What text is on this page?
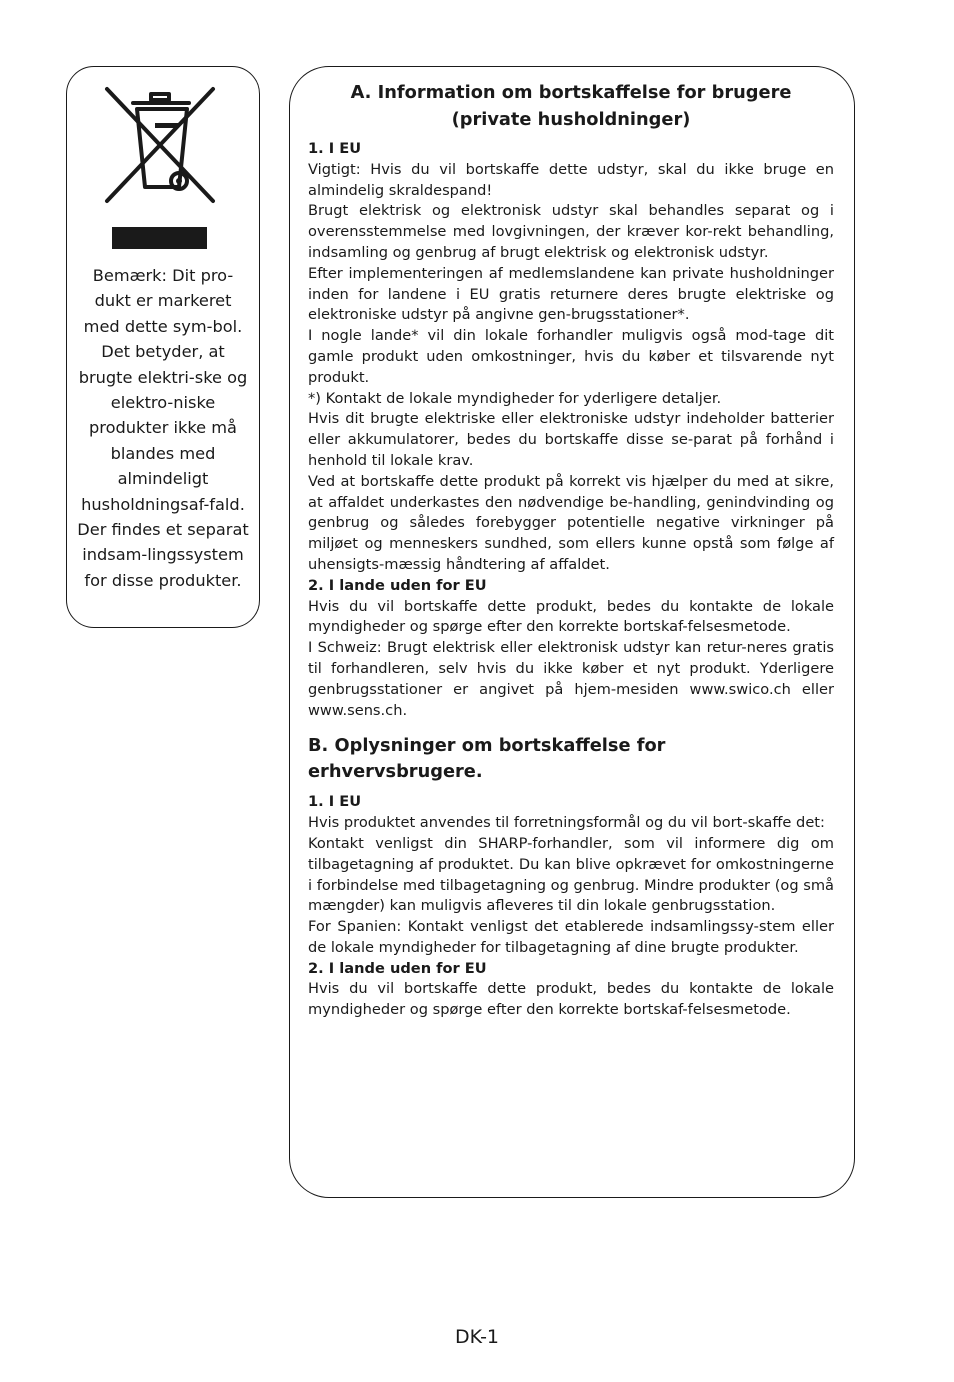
Bemærk: Dit pro-dukt er markeret med dette sym-bol. Det betyder, at brugte elektri-ske og elektro-niske produkter ikke må blandes med almindeligt husholdningsaf-fald. Der findes et separat indsam-lingssystem for disse produkter.

A. Information om bortskaffelse for brugere (private husholdninger)

1. I EU

Vigtigt: Hvis du vil bortskaffe dette udstyr, skal du ikke bruge en almindelig skraldespand!

Brugt elektrisk og elektronisk udstyr skal behandles separat og i overensstemmelse med lovgivningen, der kræver kor-rekt behandling, indsamling og genbrug af brugt elektrisk og elektronisk udstyr.

Efter implementeringen af medlemslandene kan private husholdninger inden for landene i EU gratis returnere deres brugte elektriske og elektroniske udstyr på angivne gen-brugsstationer*.

I nogle lande* vil din lokale forhandler muligvis også mod-tage dit gamle produkt uden omkostninger, hvis du køber et tilsvarende nyt produkt.

*) Kontakt de lokale myndigheder for yderligere detaljer.

Hvis dit brugte elektriske eller elektroniske udstyr indeholder batterier eller akkumulatorer, bedes du bortskaffe disse se-parat på forhånd i henhold til lokale krav.

Ved at bortskaffe dette produkt på korrekt vis hjælper du med at sikre, at affaldet underkastes den nødvendige be-handling, genindvinding og genbrug og således forebygger potentielle negative virkninger på miljøet og menneskers sundhed, som ellers kunne opstå som følge af uhensigts-mæssig håndtering af affaldet.

2. I lande uden for EU

Hvis du vil bortskaffe dette produkt, bedes du kontakte de lokale myndigheder og spørge efter den korrekte bortskaf-felsesmetode.

I Schweiz: Brugt elektrisk eller elektronisk udstyr kan retur-neres gratis til forhandleren, selv hvis du ikke køber et nyt produkt. Yderligere genbrugsstationer er angivet på hjem-mesiden www.swico.ch eller www.sens.ch.

B. Oplysninger om bortskaffelse for erhvervsbrugere.

1. I EU

Hvis produktet anvendes til forretningsformål og du vil bort-skaffe det:

Kontakt venligst din SHARP-forhandler, som vil informere dig om tilbagetagning af produktet. Du kan blive opkrævet for omkostningerne i forbindelse med tilbagetagning og genbrug. Mindre produkter (og små mængder) kan muligvis afleveres til din lokale genbrugsstation.

For Spanien: Kontakt venligst det etablerede indsamlingssy-stem eller de lokale myndigheder for tilbagetagning af dine brugte produkter.

2. I lande uden for EU

Hvis du vil bortskaffe dette produkt, bedes du kontakte de lokale myndigheder og spørge efter den korrekte bortskaf-felsesmetode.

DK-1
